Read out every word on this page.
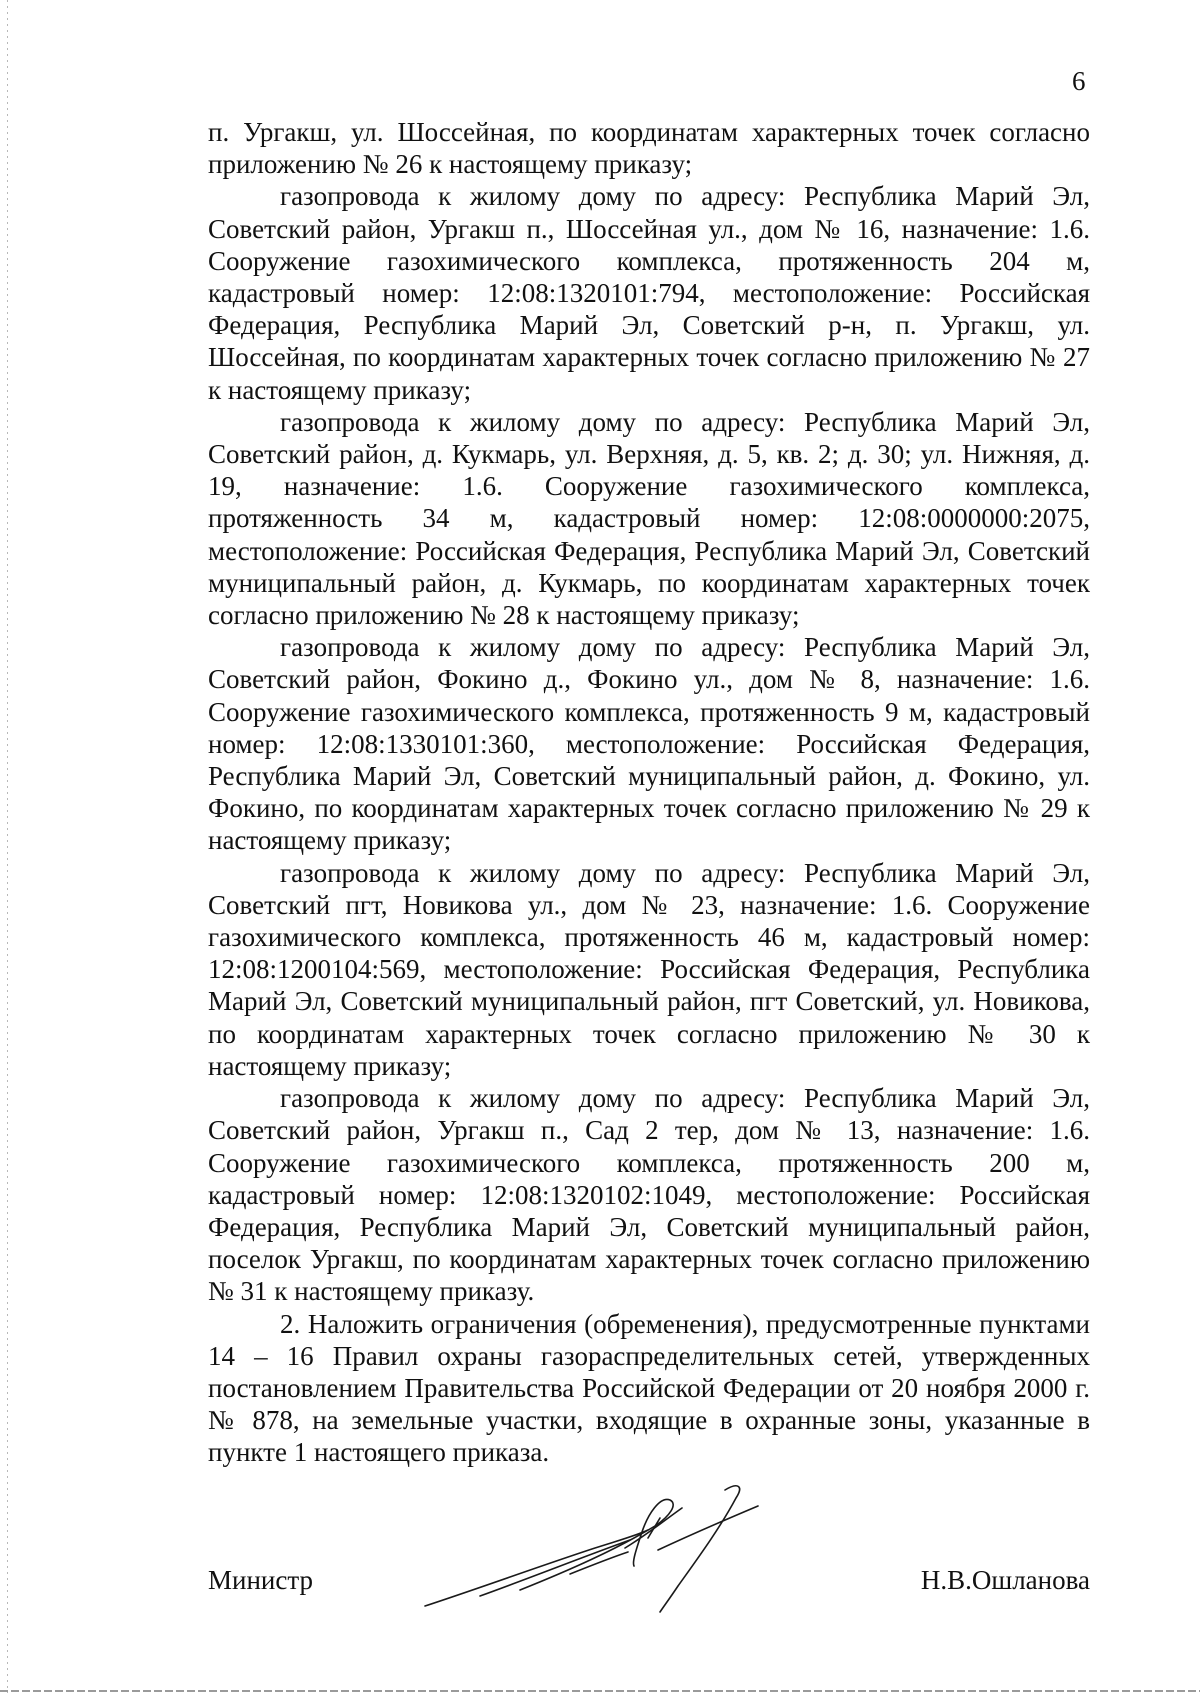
6

п. Ургакш, ул. Шоссейная, по координатам характерных точек согласно приложению № 26 к настоящему приказу;

газопровода к жилому дому по адресу: Республика Марий Эл, Советский район, Ургакш п., Шоссейная ул., дом № 16, назначение: 1.6. Сооружение газохимического комплекса, протяженность 204 м, кадастровый номер: 12:08:1320101:794, местоположение: Российская Федерация, Республика Марий Эл, Советский р-н, п. Ургакш, ул. Шоссейная, по координатам характерных точек согласно приложению № 27 к настоящему приказу;

газопровода к жилому дому по адресу: Республика Марий Эл, Советский район, д. Кукмарь, ул. Верхняя, д. 5, кв. 2; д. 30; ул. Нижняя, д. 19, назначение: 1.6. Сооружение газохимического комплекса, протяженность 34 м, кадастровый номер: 12:08:0000000:2075, местоположение: Российская Федерация, Республика Марий Эл, Советский муниципальный район, д. Кукмарь, по координатам характерных точек согласно приложению № 28 к настоящему приказу;

газопровода к жилому дому по адресу: Республика Марий Эл, Советский район, Фокино д., Фокино ул., дом № 8, назначение: 1.6. Сооружение газохимического комплекса, протяженность 9 м, кадастровый номер: 12:08:1330101:360, местоположение: Российская Федерация, Республика Марий Эл, Советский муниципальный район, д. Фокино, ул. Фокино, по координатам характерных точек согласно приложению № 29 к настоящему приказу;

газопровода к жилому дому по адресу: Республика Марий Эл, Советский пгт, Новикова ул., дом № 23, назначение: 1.6. Сооружение газохимического комплекса, протяженность 46 м, кадастровый номер: 12:08:1200104:569, местоположение: Российская Федерация, Республика Марий Эл, Советский муниципальный район, пгт Советский, ул. Новикова, по координатам характерных точек согласно приложению № 30 к настоящему приказу;

газопровода к жилому дому по адресу: Республика Марий Эл, Советский район, Ургакш п., Сад 2 тер, дом № 13, назначение: 1.6. Сооружение газохимического комплекса, протяженность 200 м, кадастровый номер: 12:08:1320102:1049, местоположение: Российская Федерация, Республика Марий Эл, Советский муниципальный район, поселок Ургакш, по координатам характерных точек согласно приложению № 31 к настоящему приказу.

2. Наложить ограничения (обременения), предусмотренные пунктами 14 – 16 Правил охраны газораспределительных сетей, утвержденных постановлением Правительства Российской Федерации от 20 ноября 2000 г. № 878, на земельные участки, входящие в охранные зоны, указанные в пункте 1 настоящего приказа.

Министр	Н.В.Ошланова
